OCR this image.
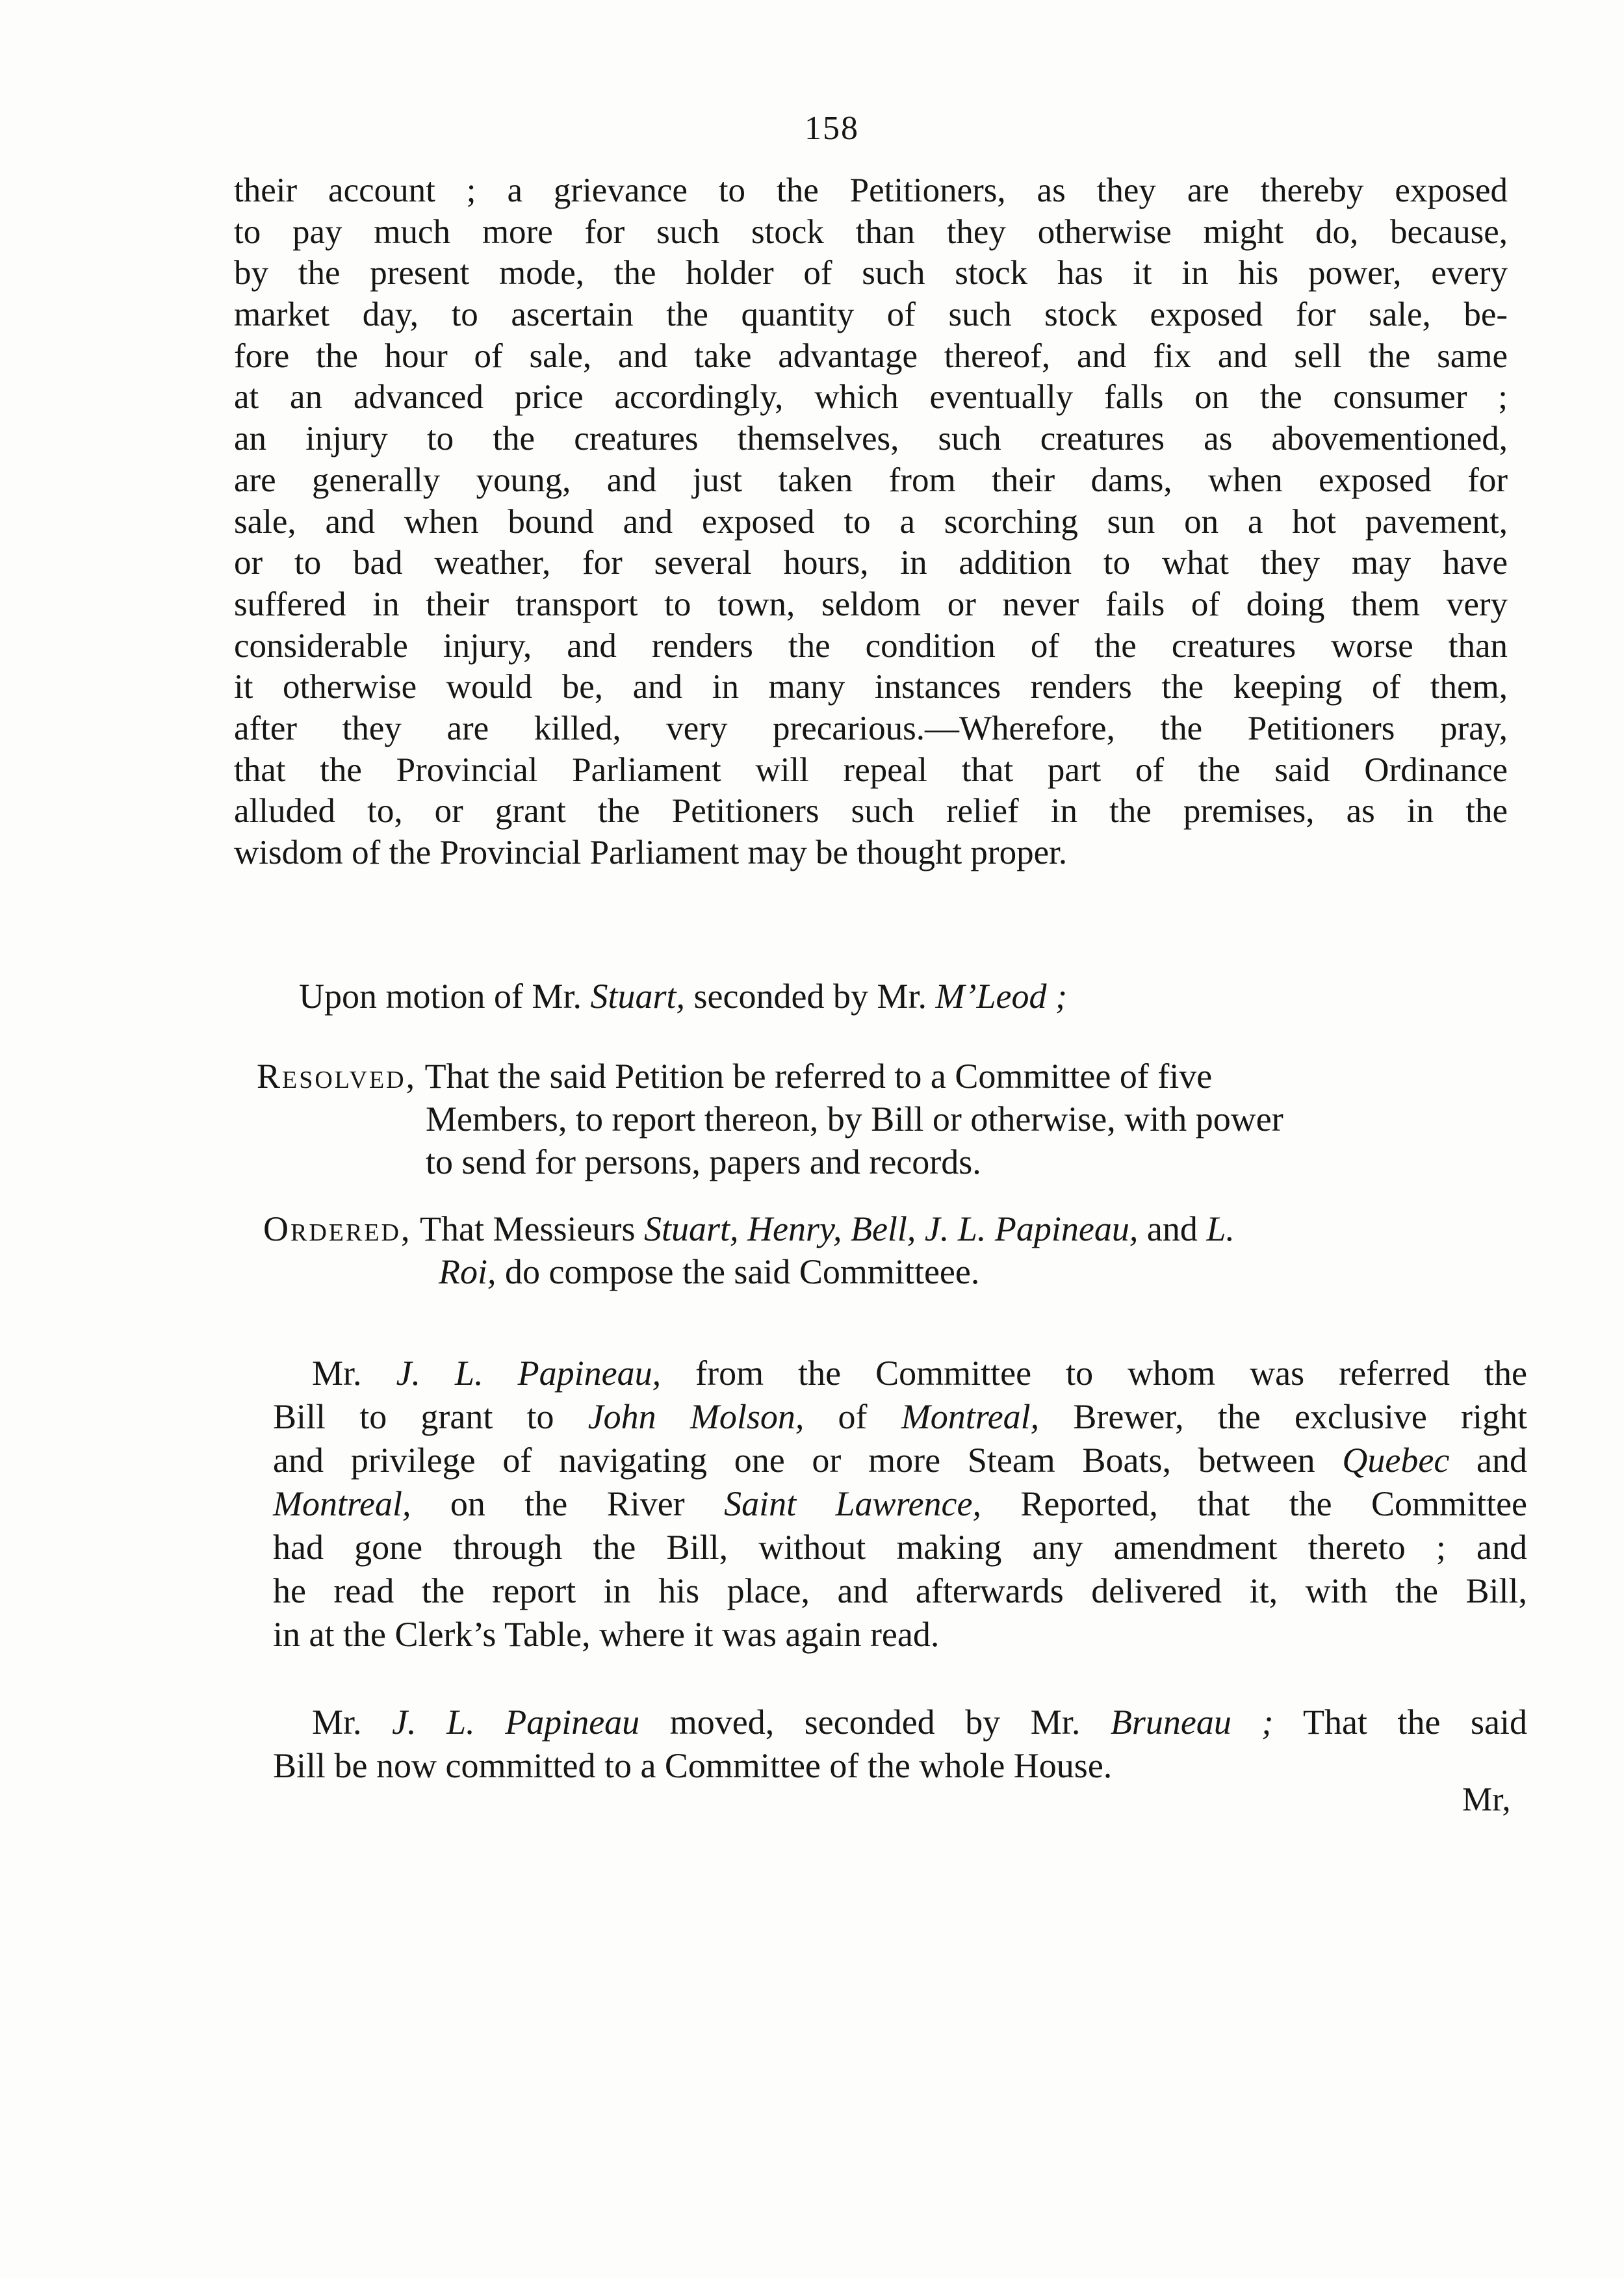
158
their account ; a grievance to the Petitioners, as they are thereby exposed
to pay much more for such stock than they otherwise might do, because,
by the present mode, the holder of such stock has it in his power, every
market day, to ascertain the quantity of such stock exposed for sale, be-
fore the hour of sale, and take advantage thereof, and fix and sell the same
at an advanced price accordingly, which eventually falls on the consumer ;
an injury to the creatures themselves, such creatures as abovementioned,
are generally young, and just taken from their dams, when exposed for
sale, and when bound and exposed to a scorching sun on a hot pavement,
or to bad weather, for several hours, in addition to what they may have
suffered in their transport to town, seldom or never fails of doing them very
considerable injury, and renders the condition of the creatures worse than
it otherwise would be, and in many instances renders the keeping of them,
after they are killed, very precarious.—Wherefore, the Petitioners pray,
that the Provincial Parliament will repeal that part of the said Ordinance
alluded to, or grant the Petitioners such relief in the premises, as in the
wisdom of the Provincial Parliament may be thought proper.
Upon motion of Mr. Stuart, seconded by Mr. M’Leod ;
Resolved, That the said Petition be referred to a Committee of five
Members, to report thereon, by Bill or otherwise, with power
to send for persons, papers and records.
Ordered, That Messieurs Stuart, Henry, Bell, J. L. Papineau, and L.
Roi, do compose the said Committeee.
Mr. J. L. Papineau, from the Committee to whom was referred the
Bill to grant to John Molson, of Montreal, Brewer, the exclusive right
and privilege of navigating one or more Steam Boats, between Quebec and
Montreal, on the River Saint Lawrence, Reported, that the Committee
had gone through the Bill, without making any amendment thereto ; and
he read the report in his place, and afterwards delivered it, with the Bill,
in at the Clerk’s Table, where it was again read.
Mr. J. L. Papineau moved, seconded by Mr. Bruneau ; That the said
Bill be now committed to a Committee of the whole House.
Mr,
